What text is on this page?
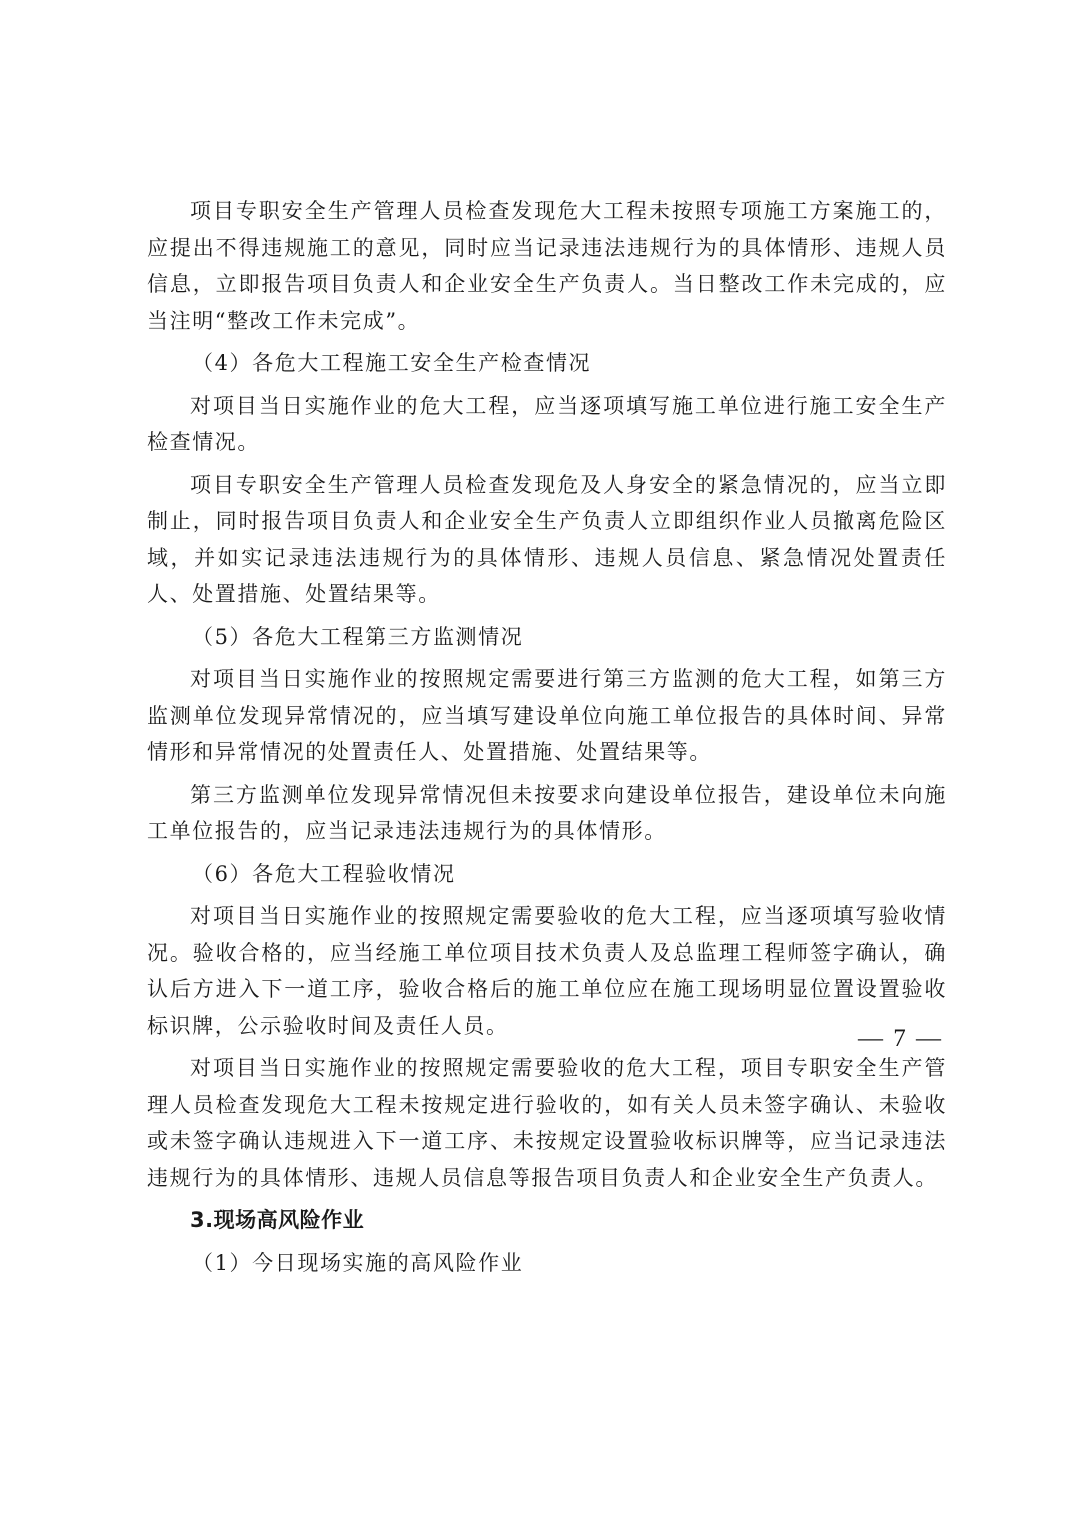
项目专职安全生产管理人员检查发现危大工程未按照专项施工方案施工的，应提出不得违规施工的意见，同时应当记录违法违规行为的具体情形、违规人员信息，立即报告项目负责人和企业安全生产负责人。当日整改工作未完成的，应当注明“整改工作未完成”。

（4）各危大工程施工安全生产检查情况

对项目当日实施作业的危大工程，应当逐项填写施工单位进行施工安全生产检查情况。

项目专职安全生产管理人员检查发现危及人身安全的紧急情况的，应当立即制止，同时报告项目负责人和企业安全生产负责人立即组织作业人员撤离危险区域，并如实记录违法违规行为的具体情形、违规人员信息、紧急情况处置责任人、处置措施、处置结果等。

（5）各危大工程第三方监测情况

对项目当日实施作业的按照规定需要进行第三方监测的危大工程，如第三方监测单位发现异常情况的，应当填写建设单位向施工单位报告的具体时间、异常情形和异常情况的处置责任人、处置措施、处置结果等。

第三方监测单位发现异常情况但未按要求向建设单位报告，建设单位未向施工单位报告的，应当记录违法违规行为的具体情形。

（6）各危大工程验收情况

对项目当日实施作业的按照规定需要验收的危大工程，应当逐项填写验收情况。验收合格的，应当经施工单位项目技术负责人及总监理工程师签字确认，确认后方进入下一道工序，验收合格后的施工单位应在施工现场明显位置设置验收标识牌，公示验收时间及责任人员。

对项目当日实施作业的按照规定需要验收的危大工程，项目专职安全生产管理人员检查发现危大工程未按规定进行验收的，如有关人员未签字确认、未验收或未签字确认违规进入下一道工序、未按规定设置验收标识牌等，应当记录违法违规行为的具体情形、违规人员信息等报告项目负责人和企业安全生产负责人。

3.现场高风险作业

（1）今日现场实施的高风险作业

— 7 —
